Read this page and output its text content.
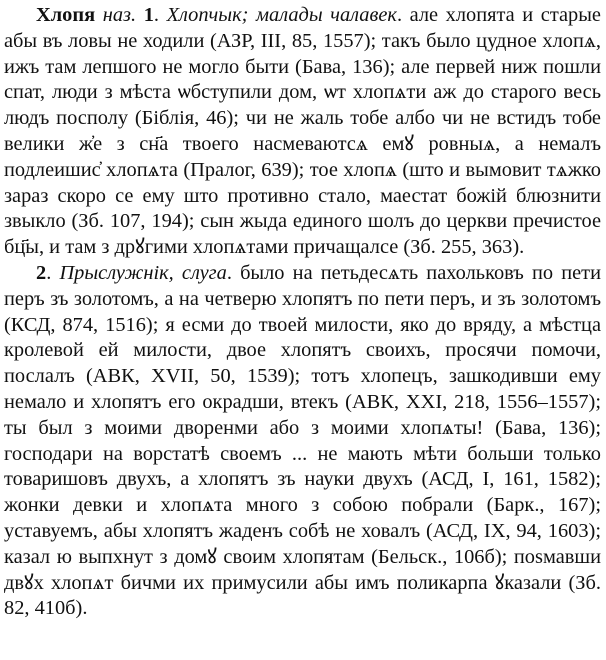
Хлопя наз. 1. Хлопчык; малады чалавек. але хлопята и старые абы въ ловы не ходили (АЗР, III, 85, 1557); такъ было цудное хлопѧ, ижъ там лепшого не могло быти (Бава, 136); але первей ниж пошли спат, люди з мѣста ѡбступили дом, ѡт хлопѧти аж до старого весь людъ посполу (Біблія, 46); чи не жаль тобе албо чи не встидъ тобе велики ж҆е з сн҃а твоего насмеваютсѧ емꙋ ровныѧ, а немалъ подлеишис҆ хлопѧта (Пралог, 639); тое хлопѧ (што и вымовит тѧжко зараз скоро се ему што противно стало, маестат божій блюзнити звыкло (Зб. 107, 194); сын жыда единого шолъ до церкви пречистое бц҃ы, и там з дрꙋгими хлопѧтами причащалсе (Зб. 255, 363).

2. Прыслужнік, слуга. было на петьдесѧть пахольковъ по пети перъ зъ золотомъ, а на четверю хлопятъ по пети перъ, и зъ золотомъ (КСД, 874, 1516); я есми до твоей милости, яко до вряду, а мѣстца кролевой ей милости, двое хлопятъ своихъ, просячи помочи, послалъ (АВК, XVII, 50, 1539); тотъ хлопецъ, зашкодивши ему немало и хлопятъ его окрадши, втекъ (АВК, XXI, 218, 1556–1557); ты был з моими дворенми або з моими хлопѧты! (Бава, 136); господари на ворстатѣ своемъ ... не мають мѣти больши только товаришовъ двухъ, а хлопятъ зъ науки двухъ (АСД, I, 161, 1582); жонки девки и хлопѧта много з собою побрали (Барк., 167); уставуемъ, абы хлопятъ жаденъ собѣ не ховалъ (АСД, IX, 94, 1603); казал ю выпхнут з домꙋ своим хлопятам (Бельск., 106б); поѕмавши двꙋх хлопѧт бичми их примусили абы имъ поликарпа ꙋказали (Зб. 82, 410б).
